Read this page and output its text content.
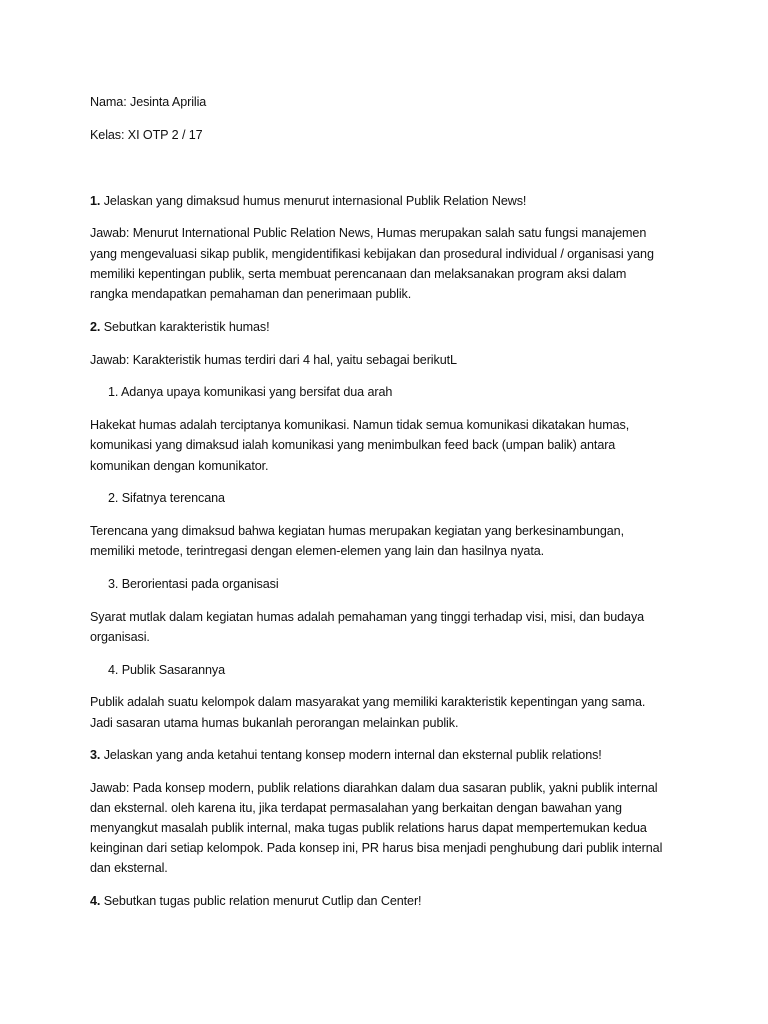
Nama: Jesinta Aprilia
Kelas: XI OTP 2 / 17
1. Jelaskan yang dimaksud humus menurut internasional Publik Relation News!
Jawab: Menurut International Public Relation News, Humas merupakan salah satu fungsi manajemen
yang mengevaluasi sikap publik, mengidentifikasi kebijakan dan prosedural individual / organisasi yang
memiliki kepentingan publik, serta membuat perencanaan dan melaksanakan program aksi dalam
rangka mendapatkan pemahaman dan penerimaan publik.
2. Sebutkan karakteristik humas!
Jawab: Karakteristik humas terdiri dari 4 hal, yaitu sebagai berikutL
1. Adanya upaya komunikasi yang bersifat dua arah
Hakekat humas adalah terciptanya komunikasi. Namun tidak semua komunikasi dikatakan humas,
komunikasi yang dimaksud ialah komunikasi yang menimbulkan feed back (umpan balik) antara
komunikan dengan komunikator.
2. Sifatnya terencana
Terencana yang dimaksud bahwa kegiatan humas merupakan kegiatan yang berkesinambungan,
memiliki metode, terintregasi dengan elemen-elemen yang lain dan hasilnya nyata.
3. Berorientasi pada organisasi
Syarat mutlak dalam kegiatan humas adalah pemahaman yang tinggi terhadap visi, misi, dan budaya
organisasi.
4. Publik Sasarannya
Publik adalah suatu kelompok dalam masyarakat yang memiliki karakteristik kepentingan yang sama.
Jadi sasaran utama humas bukanlah perorangan melainkan publik.
3. Jelaskan yang anda ketahui tentang konsep modern internal dan eksternal publik relations!
Jawab: Pada konsep modern, publik relations diarahkan dalam dua sasaran publik, yakni publik internal
dan eksternal. oleh karena itu, jika terdapat permasalahan yang berkaitan dengan bawahan yang
menyangkut masalah publik internal, maka tugas publik relations harus dapat mempertemukan kedua
keinginan dari setiap kelompok. Pada konsep ini, PR harus bisa menjadi penghubung dari publik internal
dan eksternal.
4. Sebutkan tugas public relation menurut Cutlip dan Center!
